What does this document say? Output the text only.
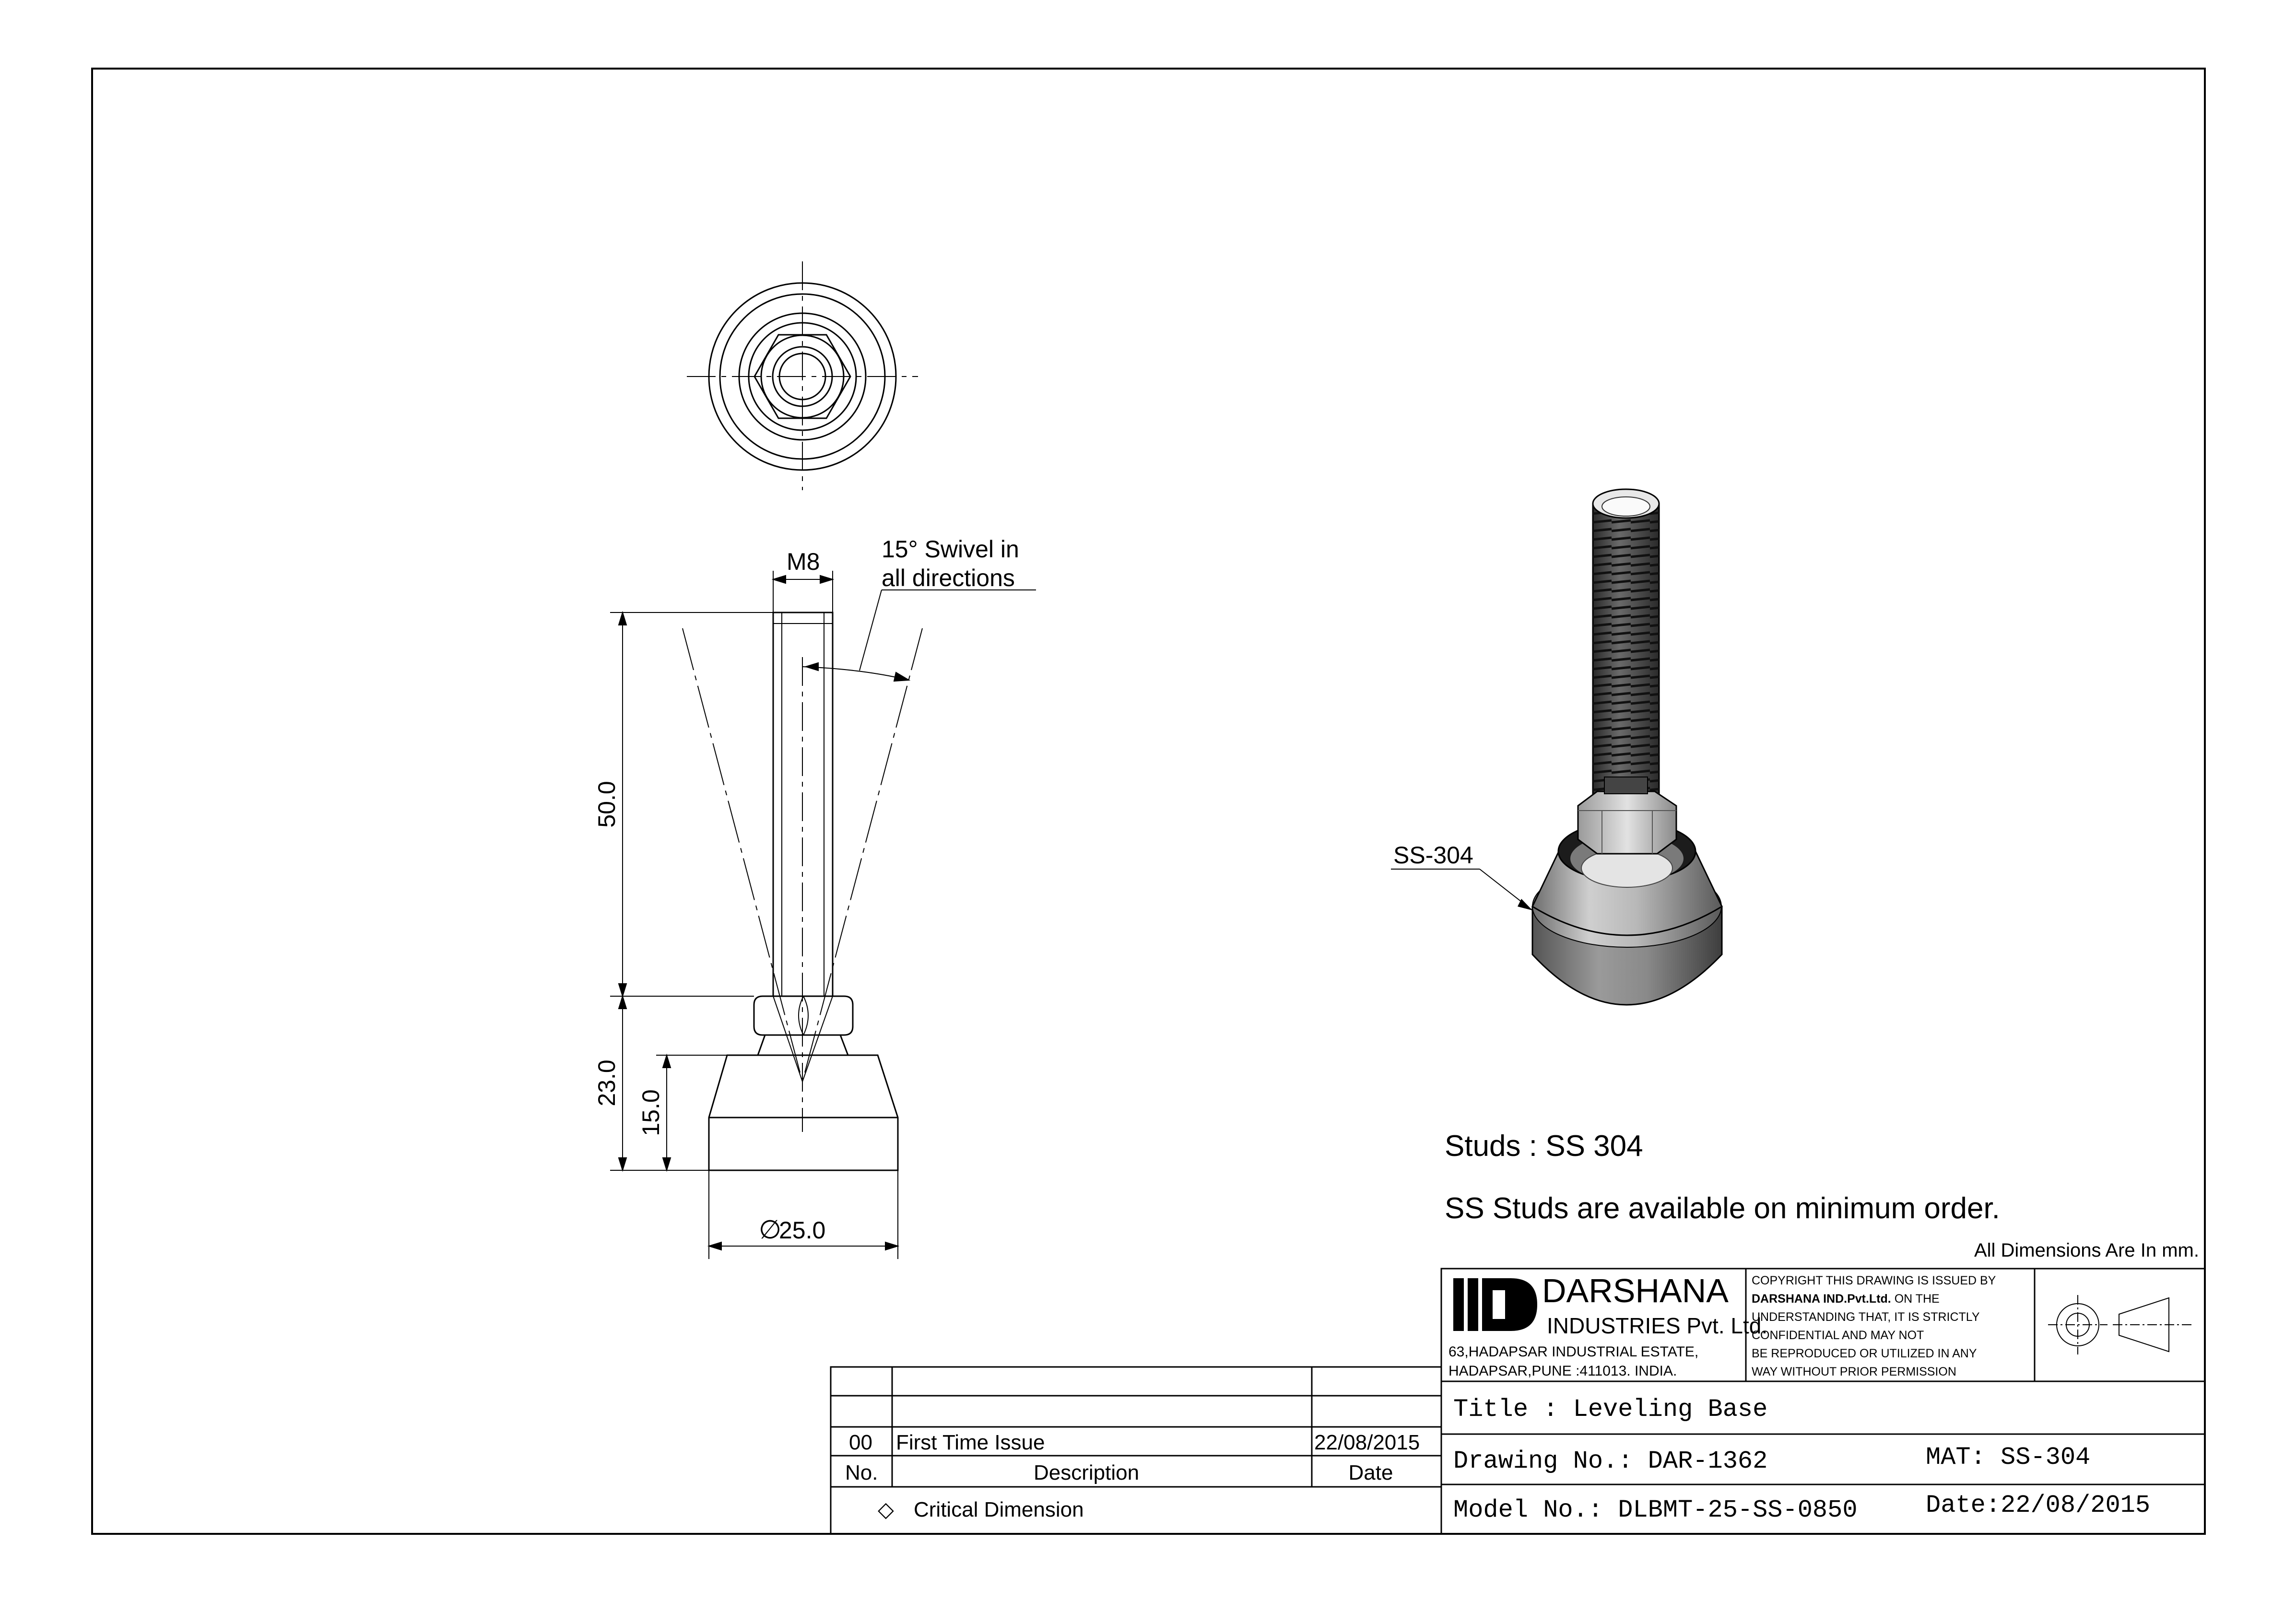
M8	15° Swivel in
all directions
50.0
23.0
15.0
∅
25.0
SS-304
Studs : SS 304
SS Studs are available on minimum order.
All Dimensions Are In mm.
DARSHANA
INDUSTRIES Pvt. Ltd.
63,HADAPSAR INDUSTRIAL ESTATE,
HADAPSAR,PUNE :411013. INDIA.
COPYRIGHT THIS DRAWING IS ISSUED BY
DARSHANA IND.Pvt.Ltd. ON THE
UNDERSTANDING THAT, IT IS STRICTLY
CONFIDENTIAL AND MAY NOT
BE REPRODUCED OR UTILIZED IN ANY
WAY WITHOUT PRIOR PERMISSION
Title : Leveling Base
Drawing No.: DAR-1362	MAT: SS-304
Model No.: DLBMT-25-SS-0850	Date:22/08/2015
00 First Time Issue	22/08/2015
No.	Description	Date
◇ Critical Dimension
